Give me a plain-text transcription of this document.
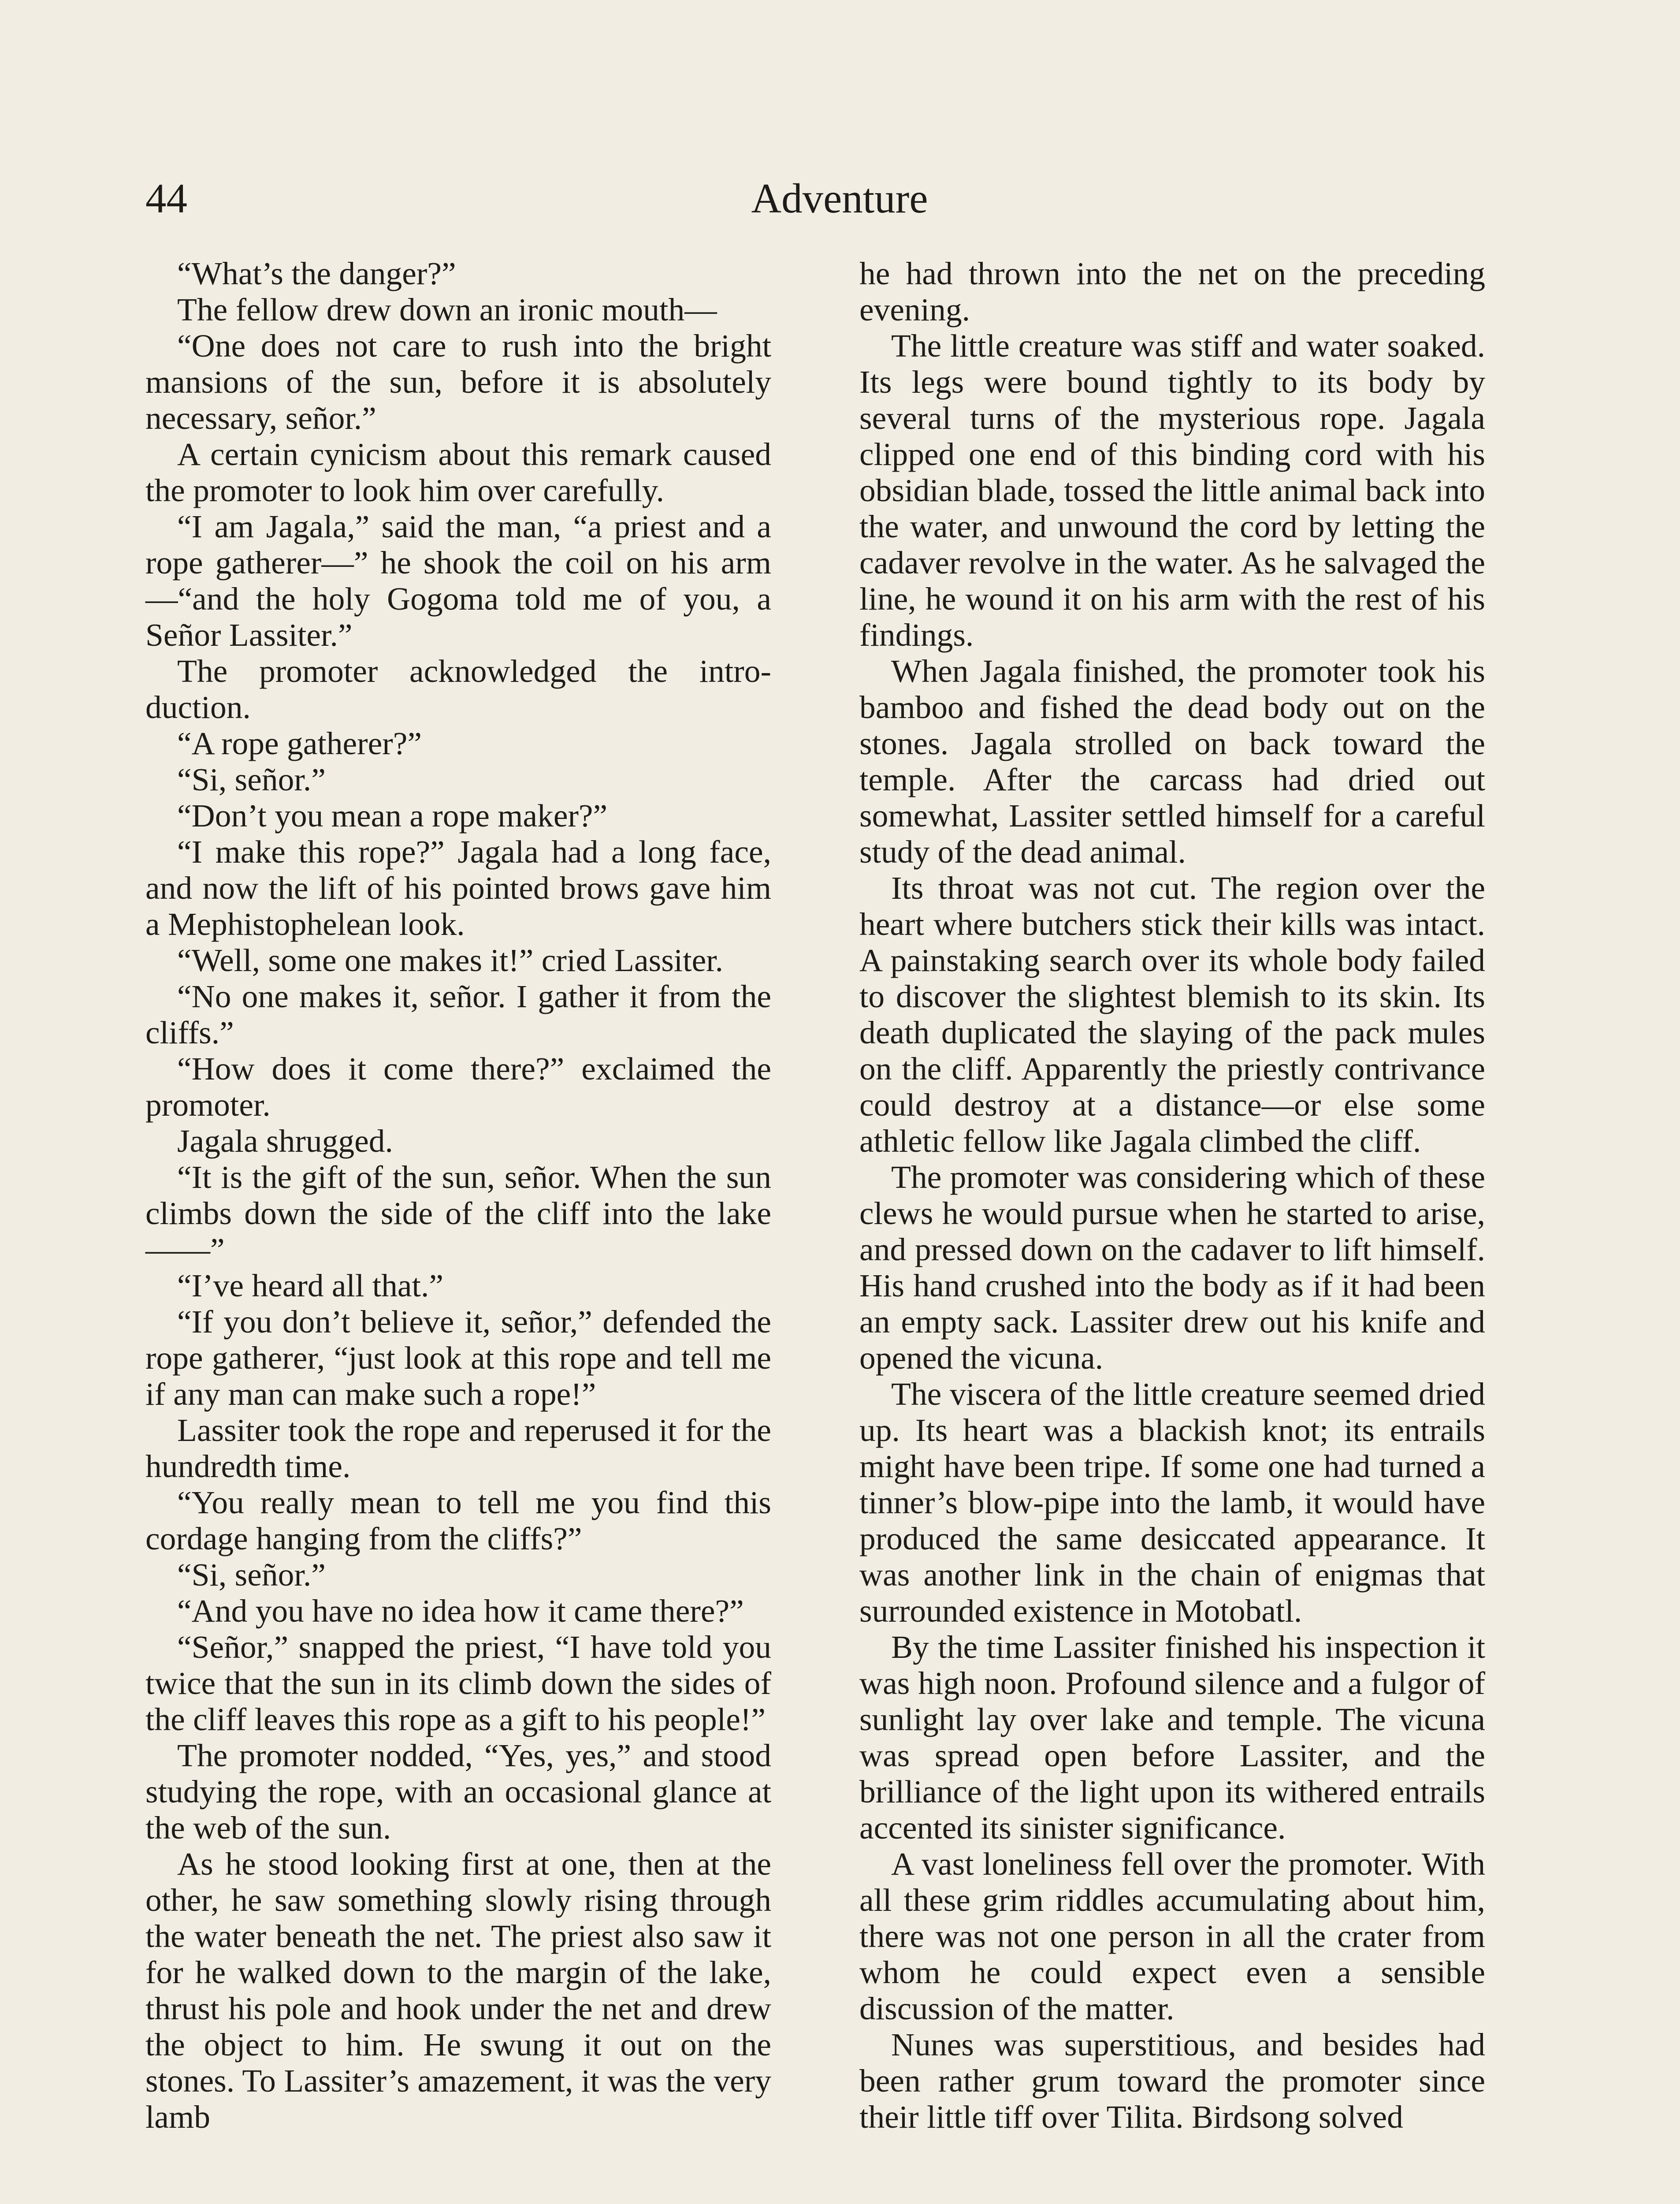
44	Adventure

“What’s the danger?”

The fellow drew down an ironic mouth—

“One does not care to rush into the bright mansions of the sun, before it is absolutely necessary, señor.”

A certain cynicism about this remark caused the promoter to look him over carefully.

“I am Jagala,” said the man, “a priest and a rope gatherer—” he shook the coil on his arm—“and the holy Gogoma told me of you, a Señor Lassiter.”

The promoter acknowledged the introduction.

“A rope gatherer?”

“Si, señor.”

“Don’t you mean a rope maker?”

“I make this rope?” Jagala had a long face, and now the lift of his pointed brows gave him a Mephistophelean look.

“Well, some one makes it!” cried Lassiter.

“No one makes it, señor. I gather it from the cliffs.”

“How does it come there?” exclaimed the promoter.

Jagala shrugged.

“It is the gift of the sun, señor. When the sun climbs down the side of the cliff into the lake——”

“I’ve heard all that.”

“If you don’t believe it, señor,” defended the rope gatherer, “just look at this rope and tell me if any man can make such a rope!”

Lassiter took the rope and reperused it for the hundredth time.

“You really mean to tell me you find this cordage hanging from the cliffs?”

“Si, señor.”

“And you have no idea how it came there?”

“Señor,” snapped the priest, “I have told you twice that the sun in its climb down the sides of the cliff leaves this rope as a gift to his people!”

The promoter nodded, “Yes, yes,” and stood studying the rope, with an occasional glance at the web of the sun.

As he stood looking first at one, then at the other, he saw something slowly rising through the water beneath the net. The priest also saw it for he walked down to the margin of the lake, thrust his pole and hook under the net and drew the object to him. He swung it out on the stones. To Lassiter’s amazement, it was the very lamb

he had thrown into the net on the preceding evening.

The little creature was stiff and water soaked. Its legs were bound tightly to its body by several turns of the mysterious rope. Jagala clipped one end of this binding cord with his obsidian blade, tossed the little animal back into the water, and unwound the cord by letting the cadaver revolve in the water. As he salvaged the line, he wound it on his arm with the rest of his findings.

When Jagala finished, the promoter took his bamboo and fished the dead body out on the stones. Jagala strolled on back toward the temple. After the carcass had dried out somewhat, Lassiter settled himself for a careful study of the dead animal.

Its throat was not cut. The region over the heart where butchers stick their kills was intact. A painstaking search over its whole body failed to discover the slightest blemish to its skin. Its death duplicated the slaying of the pack mules on the cliff. Apparently the priestly contrivance could destroy at a distance—or else some athletic fellow like Jagala climbed the cliff.

The promoter was considering which of these clews he would pursue when he started to arise, and pressed down on the cadaver to lift himself. His hand crushed into the body as if it had been an empty sack. Lassiter drew out his knife and opened the vicuna.

The viscera of the little creature seemed dried up. Its heart was a blackish knot; its entrails might have been tripe. If some one had turned a tinner’s blow-pipe into the lamb, it would have produced the same desiccated appearance. It was another link in the chain of enigmas that surrounded existence in Motobatl.

By the time Lassiter finished his inspection it was high noon. Profound silence and a fulgor of sunlight lay over lake and temple. The vicuna was spread open before Lassiter, and the brilliance of the light upon its withered entrails accented its sinister significance.

A vast loneliness fell over the promoter. With all these grim riddles accumulating about him, there was not one person in all the crater from whom he could expect even a sensible discussion of the matter.

Nunes was superstitious, and besides had been rather grum toward the promoter since their little tiff over Tilita. Birdsong solved
